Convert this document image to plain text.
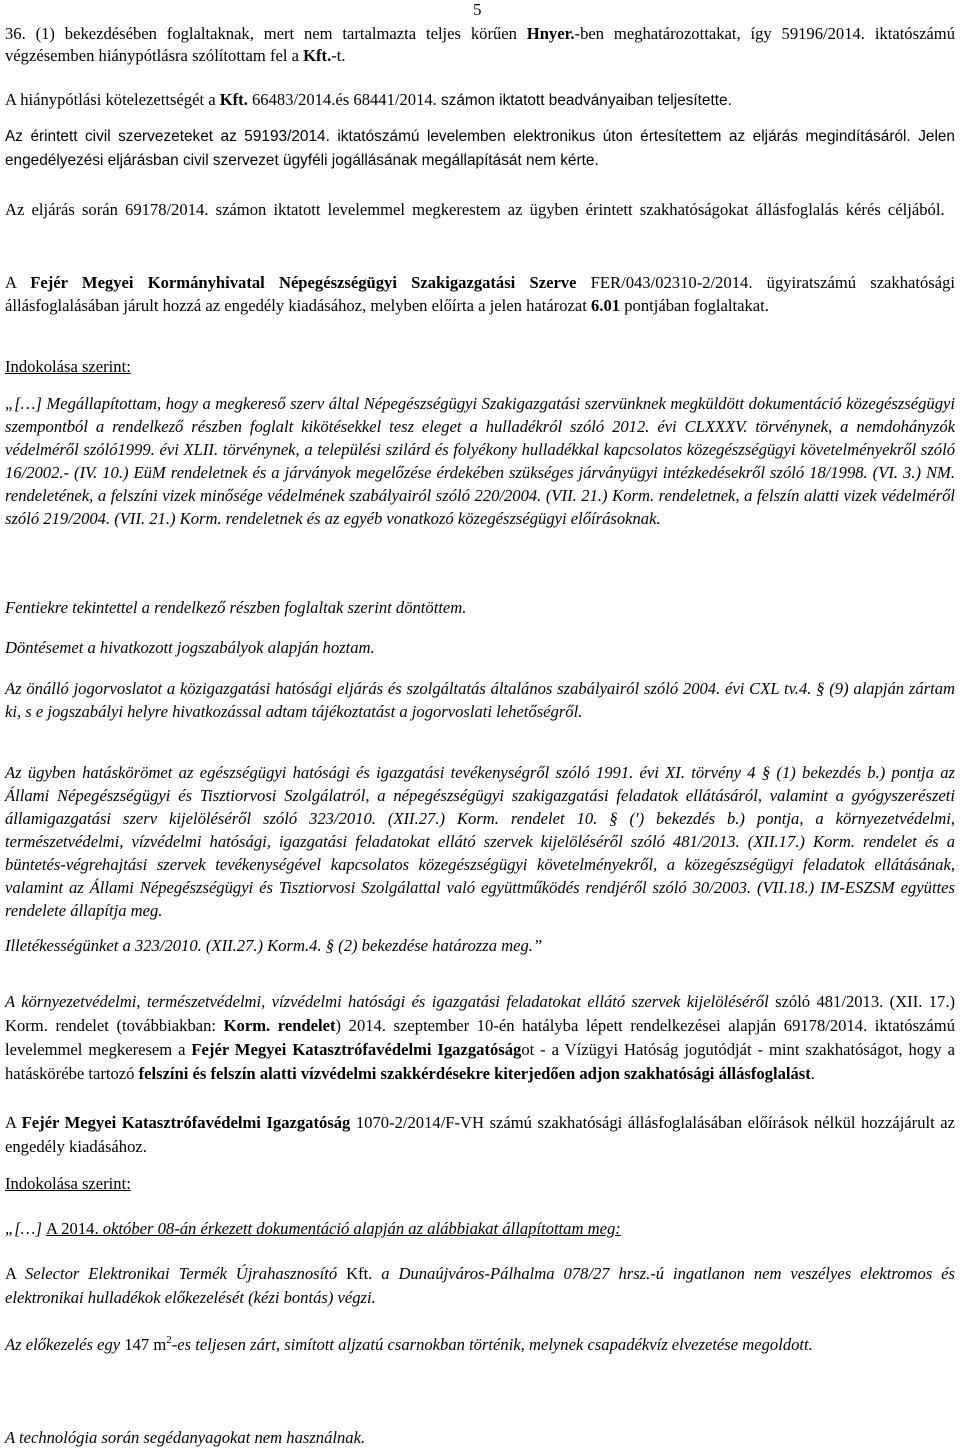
5
36. (1) bekezdésében foglaltaknak, mert nem tartalmazta teljes körűen Hnyer.-ben meghatározottakat, így 59196/2014. iktatószámú végzésemben hiánypótlásra szólítottam fel a Kft.-t.
A hiánypótlási kötelezettségét a Kft. 66483/2014.és 68441/2014. számon iktatott beadványaiban teljesítette.
Az érintett civil szervezeteket az 59193/2014. iktatószámú levelemben elektronikus úton értesítettem az eljárás megindításáról. Jelen engedélyezési eljárásban civil szervezet ügyféli jogállásának megállapítását nem kérte.
Az eljárás során 69178/2014. számon iktatott levelemmel megkerestem az ügyben érintett szakhatóságokat állásfoglalás kérés céljából.
A Fejér Megyei Kormányhivatal Népegészségügyi Szakigazgatási Szerve FER/043/02310-2/2014. ügyiratszámú szakhatósági állásfoglalásában járult hozzá az engedély kiadásához, melyben előírta a jelen határozat 6.01 pontjában foglaltakat.
Indokolása szerint:
„[…] Megállapítottam, hogy a megkereső szerv által Népegészségügyi Szakigazgatási szervünknek megküldött dokumentáció közegészségügyi szempontból a rendelkező részben foglalt kikötésekkel tesz eleget a hulladékról szóló 2012. évi CLXXXV. törvénynek, a nemdohányzók védelméről szóló1999. évi XLII. törvénynek, a települési szilárd és folyékony hulladékkal kapcsolatos közegészségügyi követelményekről szóló 16/2002.- (IV. 10.) EüM rendeletnek és a járványok megelőzése érdekében szükséges járványügyi intézkedésekről szóló 18/1998. (VI. 3.) NM. rendeletének, a felszíni vizek minősége védelmének szabályairól szóló 220/2004. (VII. 21.) Korm. rendeletnek, a felszín alatti vizek védelméről szóló 219/2004. (VII. 21.) Korm. rendeletnek és az egyéb vonatkozó közegészségügyi előírásoknak.
Fentiekre tekintettel a rendelkező részben foglaltak szerint döntöttem.
Döntésemet a hivatkozott jogszabályok alapján hoztam.
Az önálló jogorvoslatot a közigazgatási hatósági eljárás és szolgáltatás általános szabályairól szóló 2004. évi CXL tv.4. § (9) alapján zártam ki, s e jogszabályi helyre hivatkozással adtam tájékoztatást a jogorvoslati lehetőségről.
Az ügyben hatáskörömet az egészségügyi hatósági és igazgatási tevékenységről szóló 1991. évi XI. törvény 4 § (1) bekezdés b.) pontja az Állami Népegészségügyi és Tisztiorvosi Szolgálatról, a népegészségügyi szakigazgatási feladatok ellátásáról, valamint a gyógyszerészeti államigazgatási szerv kijelöléséről szóló 323/2010. (XII.27.) Korm. rendelet 10. § (') bekezdés b.) pontja, a környezetvédelmi, természetvédelmi, vízvédelmi hatósági, igazgatási feladatokat ellátó szervek kijelöléséről szóló 481/2013. (XII.17.) Korm. rendelet és a büntetés-végrehajtási szervek tevékenységével kapcsolatos közegészségügyi követelményekről, a közegészségügyi feladatok ellátásának, valamint az Állami Népegészségügyi és Tisztiorvosi Szolgálattal való együttműködés rendjéről szóló 30/2003. (VII.18.) IM-ESZSM együttes rendelete állapítja meg.
Illetékességünket a 323/2010. (XII.27.) Korm.4. § (2) bekezdése határozza meg.”
A környezetvédelmi, természetvédelmi, vízvédelmi hatósági és igazgatási feladatokat ellátó szervek kijelöléséről szóló 481/2013. (XII. 17.) Korm. rendelet (továbbiakban: Korm. rendelet) 2014. szeptember 10-én hatályba lépett rendelkezései alapján 69178/2014. iktatószámú levelemmel megkeresem a Fejér Megyei Katasztrófavédelmi Igazgatóságot - a Vízügyi Hatóság jogutódját - mint szakhatóságot, hogy a hatáskörébe tartozó felszíni és felszín alatti vízvédelmi szakkérdésekre kiterjedően adjon szakhatósági állásfoglalást.
A Fejér Megyei Katasztrófavédelmi Igazgatóság 1070-2/2014/F-VH számú szakhatósági állásfoglalásában előírások nélkül hozzájárult az engedély kiadásához.
Indokolása szerint:
„[…] A 2014. október 08-án érkezett dokumentáció alapján az alábbiakat állapítottam meg:
A Selector Elektronikai Termék Újrahasznosító Kft. a Dunaújváros-Pálhalma 078/27 hrsz.-ú ingatlanon nem veszélyes elektromos és elektronikai hulladékok előkezelését (kézi bontás) végzi.
Az előkezelés egy 147 $m^2-es$ teljesen zárt, simított aljzatú csarnokban történik, melynek csapadékvíz elvezetése megoldott.
A technológia során segédanyagokat nem használnak.
